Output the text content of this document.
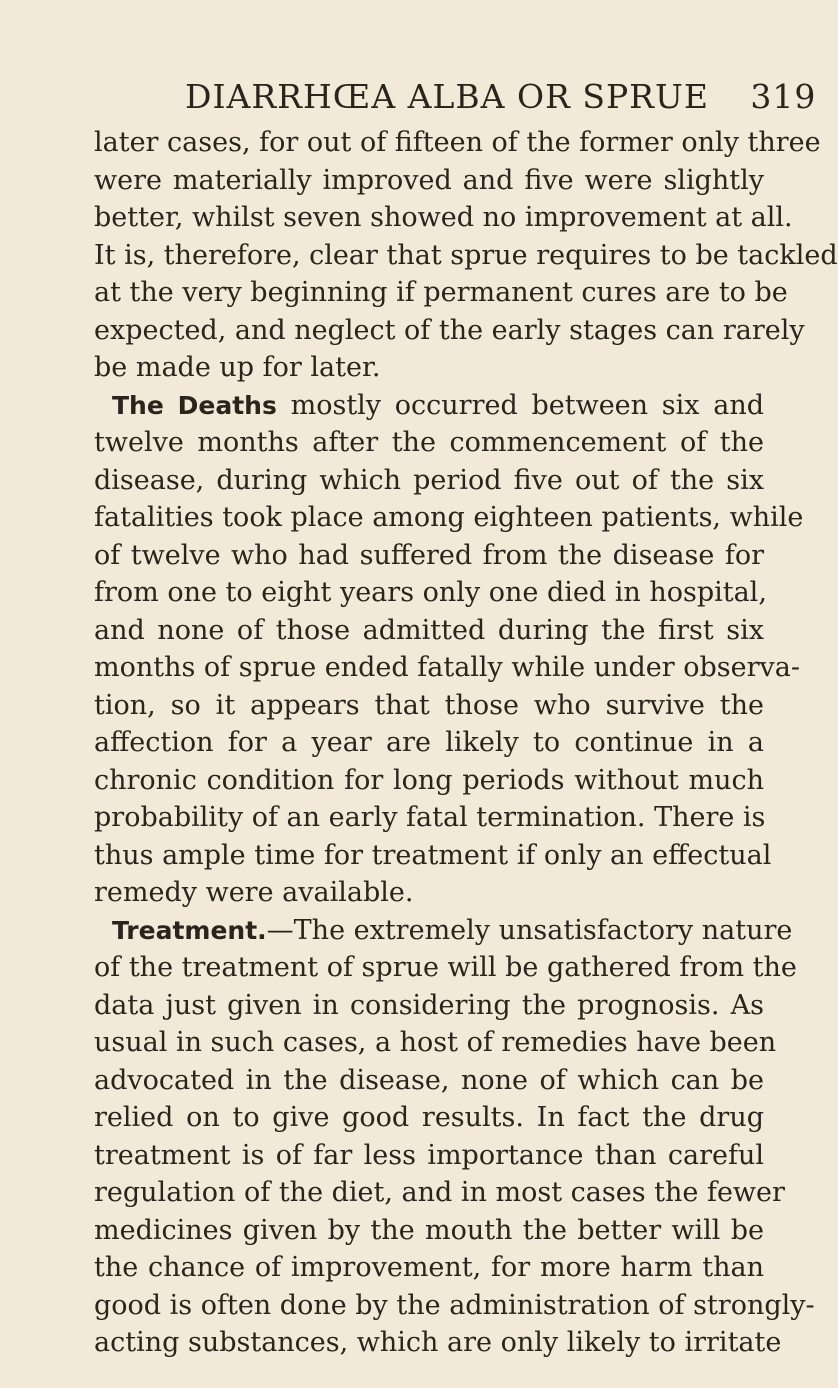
DIARRHŒA ALBA OR SPRUE 319
later cases, for out of fifteen of the former only three
were materially improved and five were slightly
better, whilst seven showed no improvement at all.
It is, therefore, clear that sprue requires to be tackled
at the very beginning if permanent cures are to be
expected, and neglect of the early stages can rarely
be made up for later.
The Deaths mostly occurred between six and
twelve months after the commencement of the
disease, during which period five out of the six
fatalities took place among eighteen patients, while
of twelve who had suffered from the disease for
from one to eight years only one died in hospital,
and none of those admitted during the first six
months of sprue ended fatally while under observa-
tion, so it appears that those who survive the
affection for a year are likely to continue in a
chronic condition for long periods without much
probability of an early fatal termination. There is
thus ample time for treatment if only an effectual
remedy were available.
Treatment.—The extremely unsatisfactory nature
of the treatment of sprue will be gathered from the
data just given in considering the prognosis. As
usual in such cases, a host of remedies have been
advocated in the disease, none of which can be
relied on to give good results. In fact the drug
treatment is of far less importance than careful
regulation of the diet, and in most cases the fewer
medicines given by the mouth the better will be
the chance of improvement, for more harm than
good is often done by the administration of strongly-
acting substances, which are only likely to irritate
